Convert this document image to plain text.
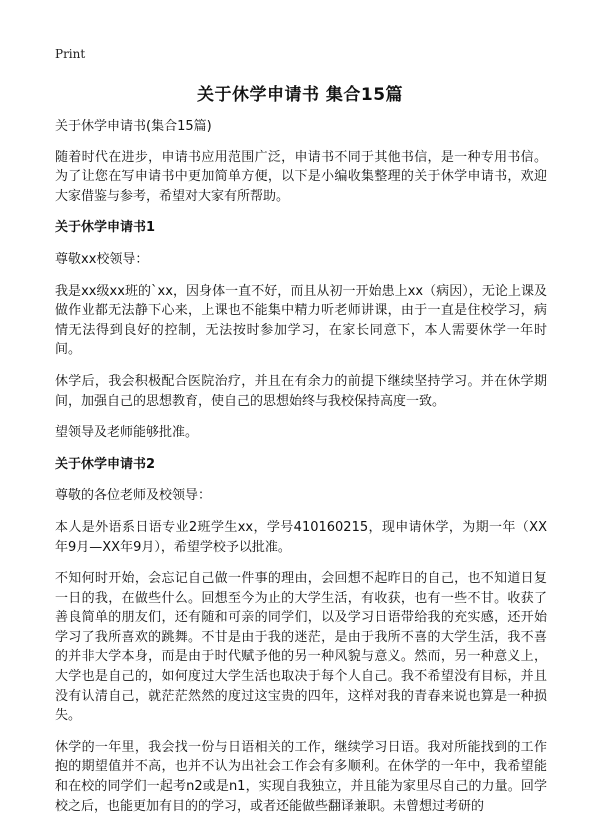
Print
关于休学申请书 集合15篇

关于休学申请书(集合15篇)

随着时代在进步，申请书应用范围广泛，申请书不同于其他书信，是一种专用书信。为了让您在写申请书中更加简单方便，以下是小编收集整理的关于休学申请书，欢迎大家借鉴与参考，希望对大家有所帮助。

关于休学申请书1

尊敬xx校领导：

我是xx级xx班的`xx，因身体一直不好，而且从初一开始患上xx（病因），无论上课及做作业都无法静下心来，上课也不能集中精力听老师讲课，由于一直是住校学习，病情无法得到良好的控制，无法按时参加学习，在家长同意下，本人需要休学一年时间。

休学后，我会积极配合医院治疗，并且在有余力的前提下继续坚持学习。并在休学期间，加强自己的思想教育，使自己的思想始终与我校保持高度一致。

望领导及老师能够批准。

关于休学申请书2

尊敬的各位老师及校领导：

本人是外语系日语专业2班学生xx，学号410160215，现申请休学，为期一年（XX年9月—XX年9月），希望学校予以批准。

不知何时开始，会忘记自己做一件事的理由，会回想不起昨日的自己，也不知道日复一日的我，在做些什么。回想至今为止的大学生活，有收获，也有一些不甘。收获了善良简单的朋友们，还有随和可亲的同学们，以及学习日语带给我的充实感，还开始学习了我所喜欢的跳舞。不甘是由于我的迷茫，是由于我所不喜的大学生活，我不喜的并非大学本身，而是由于时代赋予他的另一种风貌与意义。然而，另一种意义上，大学也是自己的，如何度过大学生活也取决于每个人自己。我不希望没有目标，并且没有认清自己，就茫茫然然的度过这宝贵的四年，这样对我的青春来说也算是一种损失。

休学的一年里，我会找一份与日语相关的工作，继续学习日语。我对所能找到的工作抱的期望值并不高，也并不认为出社会工作会有多顺利。在休学的一年中，我希望能和在校的同学们一起考n2或是n1，实现自我独立，并且能为家里尽自己的力量。回学校之后，也能更加有目的的学习，或者还能做些翻译兼职。未曾想过考研的
